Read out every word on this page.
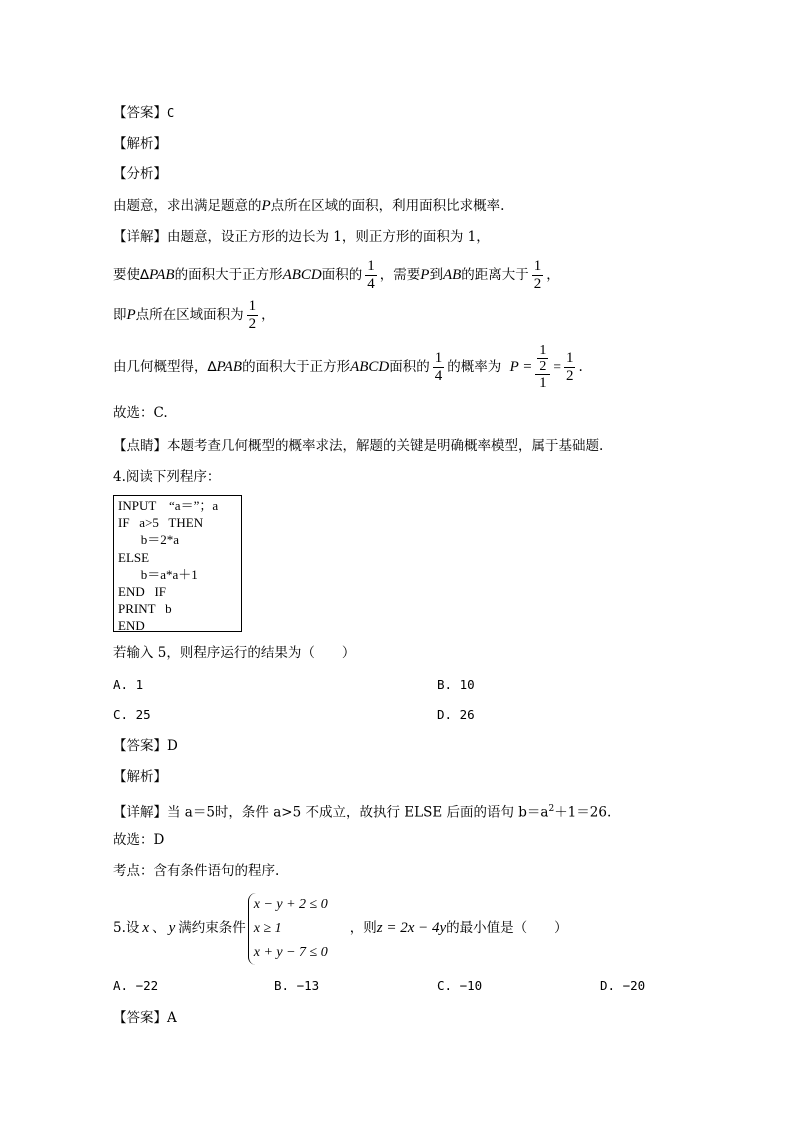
【答案】C
【解析】
【分析】
由题意，求出满足题意的P点所在区域的面积，利用面积比求概率.
【详解】由题意，设正方形的边长为 1，则正方形的面积为 1，
要使∆PAB的面积大于正方形ABCD面积的 $\frac{1}{4}$ ，需要P到AB的距离大于 $\frac{1}{2}$ ，
即P点所在区域面积为 $\frac{1}{2}$ ，
由几何概型得，∆PAB的面积大于正方形ABCD面积的 $\frac{1}{4}$ 的概率为 $P = \frac{\frac{1}{2}}{1} = \frac{1}{2}$ .
故选：C.
【点睛】本题考查几何概型的概率求法，解题的关键是明确概率模型，属于基础题.
4.阅读下列程序：
INPUT    “a＝”；a
IF   a>5   THEN
b＝2*a
ELSE
b＝a*a＋1
END   IF
PRINT   b
END
若输入 5，则程序运行的结果为（　　）
A. 1	B. 10
C. 25	D. 26
【答案】D
【解析】
【详解】当 a＝5时，条件 a>5 不成立，故执行 ELSE 后面的语句 $b=a^2+1=26$.
故选：D
考点：含有条件语句的程序.
5.设 x 、 y 满约束条件
x − y + 2 ≤ 0
x ≥ 1
x + y − 7 ≤ 0
，则z = 2x − 4y的最小值是（　　）
A. −22	B. −13	C. −10	D. −20
【答案】A
